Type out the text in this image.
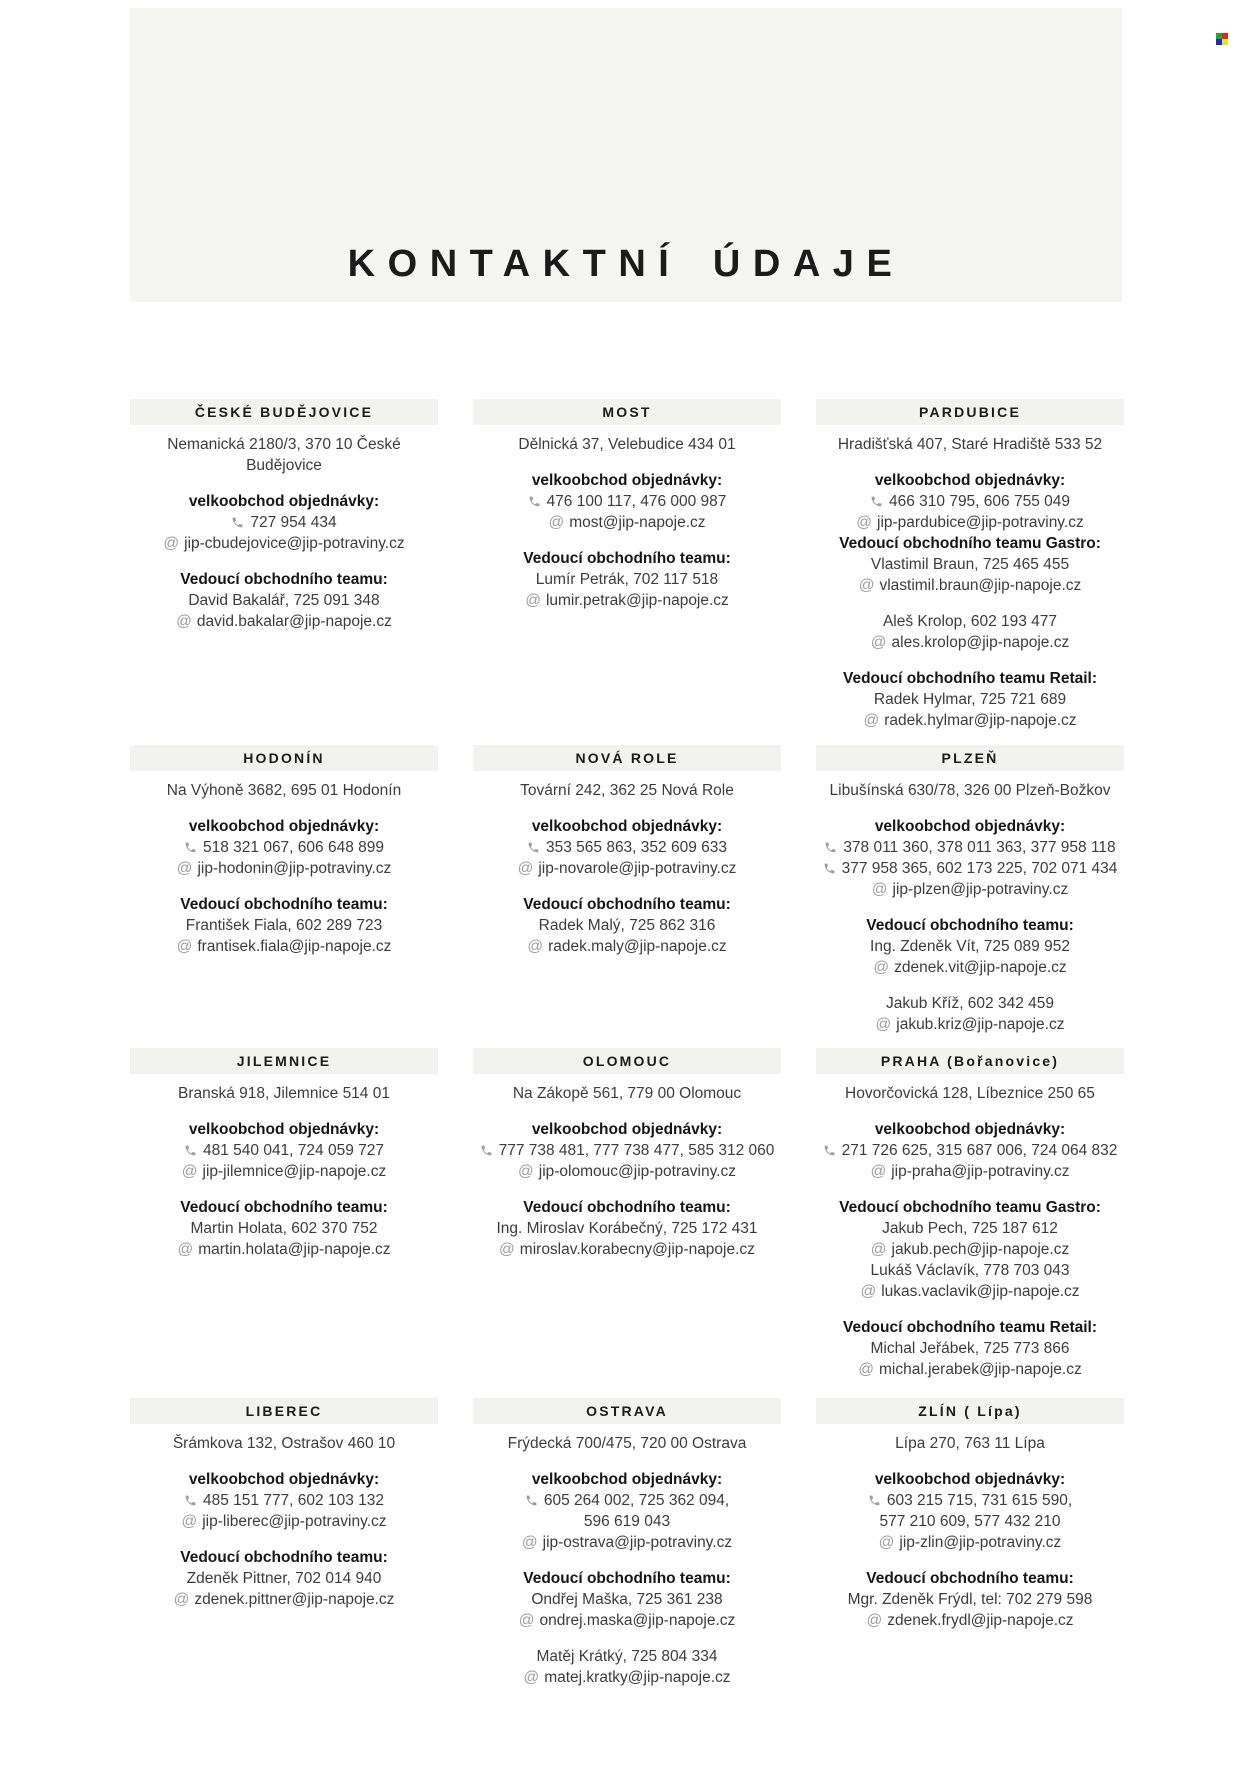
KONTAKTNÍ ÚDAJE
ČESKÉ BUDĚJOVICE
Nemanická 2180/3, 370 10 České Budějovice
velkoobchod objednávky:
727 954 434
@ jip-cbudejovice@jip-potraviny.cz
Vedoucí obchodního teamu:
David Bakalář, 725 091 348
@ david.bakalar@jip-napoje.cz
MOST
Dělnická 37, Velebudice 434 01
velkoobchod objednávky:
476 100 117, 476 000 987
@ most@jip-napoje.cz
Vedoucí obchodního teamu:
Lumír Petrák, 702 117 518
@ lumir.petrak@jip-napoje.cz
PARDUBICE
Hradišťská 407, Staré Hradiště 533 52
velkoobchod objednávky:
466 310 795, 606 755 049
@ jip-pardubice@jip-potraviny.cz
Vedoucí obchodního teamu Gastro:
Vlastimil Braun, 725 465 455
@ vlastimil.braun@jip-napoje.cz
Aleš Krolop, 602 193 477
@ ales.krolop@jip-napoje.cz
Vedoucí obchodního teamu Retail:
Radek Hylmar, 725 721 689
@ radek.hylmar@jip-napoje.cz
HODONÍN
Na Výhoně 3682, 695 01 Hodonín
velkoobchod objednávky:
518 321 067, 606 648 899
@ jip-hodonin@jip-potraviny.cz
Vedoucí obchodního teamu:
František Fiala, 602 289 723
@ frantisek.fiala@jip-napoje.cz
NOVÁ ROLE
Tovární 242, 362 25 Nová Role
velkoobchod objednávky:
353 565 863, 352 609 633
@ jip-novarole@jip-potraviny.cz
Vedoucí obchodního teamu:
Radek Malý, 725 862 316
@ radek.maly@jip-napoje.cz
PLZEŇ
Libušínská 630/78, 326 00 Plzeň-Božkov
velkoobchod objednávky:
378 011 360, 378 011 363, 377 958 118
377 958 365, 602 173 225, 702 071 434
@ jip-plzen@jip-potraviny.cz
Vedoucí obchodního teamu:
Ing. Zdeněk Vít, 725 089 952
@ zdenek.vit@jip-napoje.cz
Jakub Kříž, 602 342 459
@ jakub.kriz@jip-napoje.cz
JILEMNICE
Branská 918, Jilemnice 514 01
velkoobchod objednávky:
481 540 041, 724 059 727
@ jip-jilemnice@jip-napoje.cz
Vedoucí obchodního teamu:
Martin Holata, 602 370 752
@ martin.holata@jip-napoje.cz
OLOMOUC
Na Zákopě 561, 779 00 Olomouc
velkoobchod objednávky:
777 738 481, 777 738 477, 585 312 060
@ jip-olomouc@jip-potraviny.cz
Vedoucí obchodního teamu:
Ing. Miroslav Korábečný, 725 172 431
@ miroslav.korabecny@jip-napoje.cz
PRAHA (Bořanovice)
Hovorčovická 128, Líbeznice 250 65
velkoobchod objednávky:
271 726 625, 315 687 006, 724 064 832
@ jip-praha@jip-potraviny.cz
Vedoucí obchodního teamu Gastro:
Jakub Pech, 725 187 612
@ jakub.pech@jip-napoje.cz
Lukáš Václavík, 778 703 043
@ lukas.vaclavik@jip-napoje.cz
Vedoucí obchodního teamu Retail:
Michal Jeřábek, 725 773 866
@ michal.jerabek@jip-napoje.cz
LIBEREC
Šrámkova 132, Ostrašov 460 10
velkoobchod objednávky:
485 151 777, 602 103 132
@ jip-liberec@jip-potraviny.cz
Vedoucí obchodního teamu:
Zdeněk Pittner, 702 014 940
@ zdenek.pittner@jip-napoje.cz
OSTRAVA
Frýdecká 700/475, 720 00 Ostrava
velkoobchod objednávky:
605 264 002, 725 362 094,
596 619 043
@ jip-ostrava@jip-potraviny.cz
Vedoucí obchodního teamu:
Ondřej Maška, 725 361 238
@ ondrej.maska@jip-napoje.cz
Matěj Krátký, 725 804 334
@ matej.kratky@jip-napoje.cz
ZLÍN ( Lípa)
Lípa 270, 763 11 Lípa
velkoobchod objednávky:
603 215 715, 731 615 590,
577 210 609, 577 432 210
@ jip-zlin@jip-potraviny.cz
Vedoucí obchodního teamu:
Mgr. Zdeněk Frýdl, tel: 702 279 598
@ zdenek.frydl@jip-napoje.cz
